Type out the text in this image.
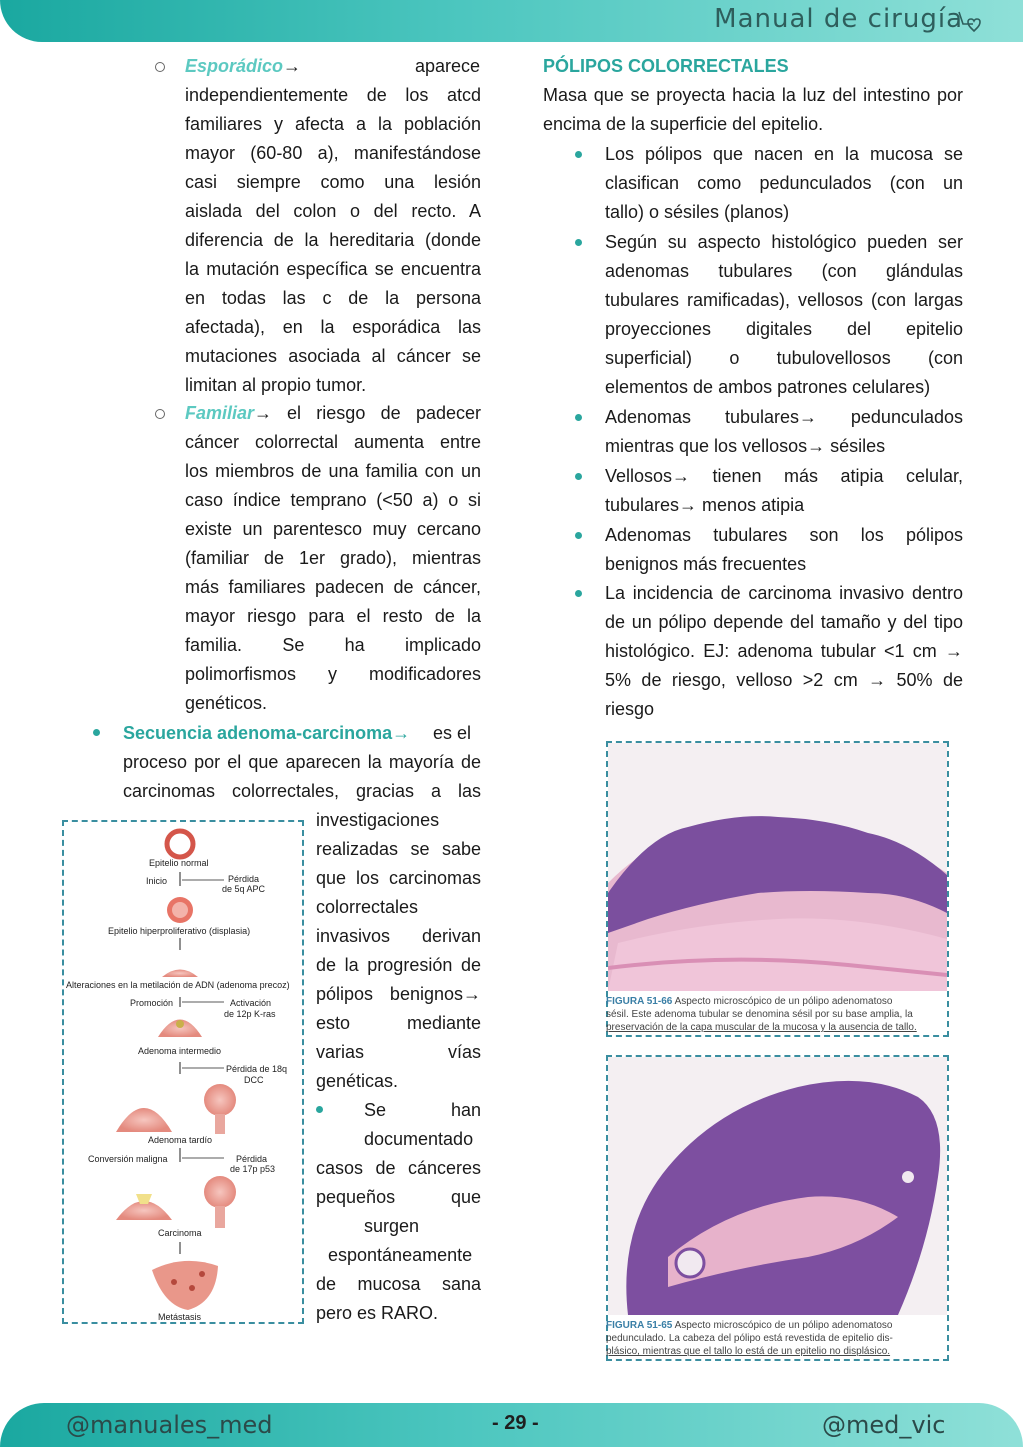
Manual de cirugía
Esporádico→	aparece
independientemente de los atcd
familiares y afecta a la población
mayor (60-80 a), manifestándose
casi siempre como una lesión
aislada del colon o del recto. A
diferencia de la hereditaria (donde
la mutación específica se encuentra
en todas las c de la persona
afectada), en la esporádica las
mutaciones asociada al cáncer se
limitan al propio tumor.
Familiar→ el riesgo de padecer
cáncer colorrectal aumenta entre
los miembros de una familia con un
caso índice temprano (<50 a) o si
existe un parentesco muy cercano
(familiar de 1er grado), mientras
más familiares padecen de cáncer,
mayor riesgo para el resto de la
familia. Se ha implicado
polimorfismos y modificadores
genéticos.
Secuencia adenoma-carcinoma→ es el
proceso por el que aparecen la mayoría de
carcinomas colorrectales, gracias a las
investigaciones
realizadas se sabe
que los carcinomas
colorrectales
invasivos derivan
de la progresión de
pólipos benignos→
esto mediante
varias vías
genéticas.
Se han
documentado
casos de cánceres
pequeños que
surgen
espontáneamente
de mucosa sana
pero es RARO.
Epitelio normal
Inicio	Pérdida
de 5q APC
Epitelio hiperproliferativo (displasia)
Alteraciones en la metilación de ADN (adenoma precoz)
Promoción	Activación
de 12p K-ras
Adenoma intermedio
Pérdida de 18q
DCC
Adenoma tardío
Conversión maligna	Pérdida
de 17p p53
Carcinoma
Metástasis
PÓLIPOS COLORRECTALES
Masa que se proyecta hacia la luz del intestino por
encima de la superficie del epitelio.
Los pólipos que nacen en la mucosa se
clasifican como pedunculados (con un
tallo) o sésiles (planos)
Según su aspecto histológico pueden ser
adenomas tubulares (con glándulas
tubulares ramificadas), vellosos (con largas
proyecciones digitales del epitelio
superficial) o tubulovellosos (con
elementos de ambos patrones celulares)
Adenomas tubulares→ pedunculados
mientras que los vellosos→ sésiles
Vellosos→ tienen más atipia celular,
tubulares→ menos atipia
Adenomas tubulares son los pólipos
benignos más frecuentes
La incidencia de carcinoma invasivo dentro
de un pólipo depende del tamaño y del tipo
histológico. EJ: adenoma tubular <1 cm →
5% de riesgo, velloso >2 cm → 50% de
riesgo
FIGURA 51-66 Aspecto microscópico de un pólipo adenomatoso
sésil. Este adenoma tubular se denomina sésil por su base amplia, la
preservación de la capa muscular de la mucosa y la ausencia de tallo.
FIGURA 51-65 Aspecto microscópico de un pólipo adenomatoso
pedunculado. La cabeza del pólipo está revestida de epitelio dis-
plásico, mientras que el tallo lo está de un epitelio no displásico.
@manuales_med	- 29 -	@med_vic
